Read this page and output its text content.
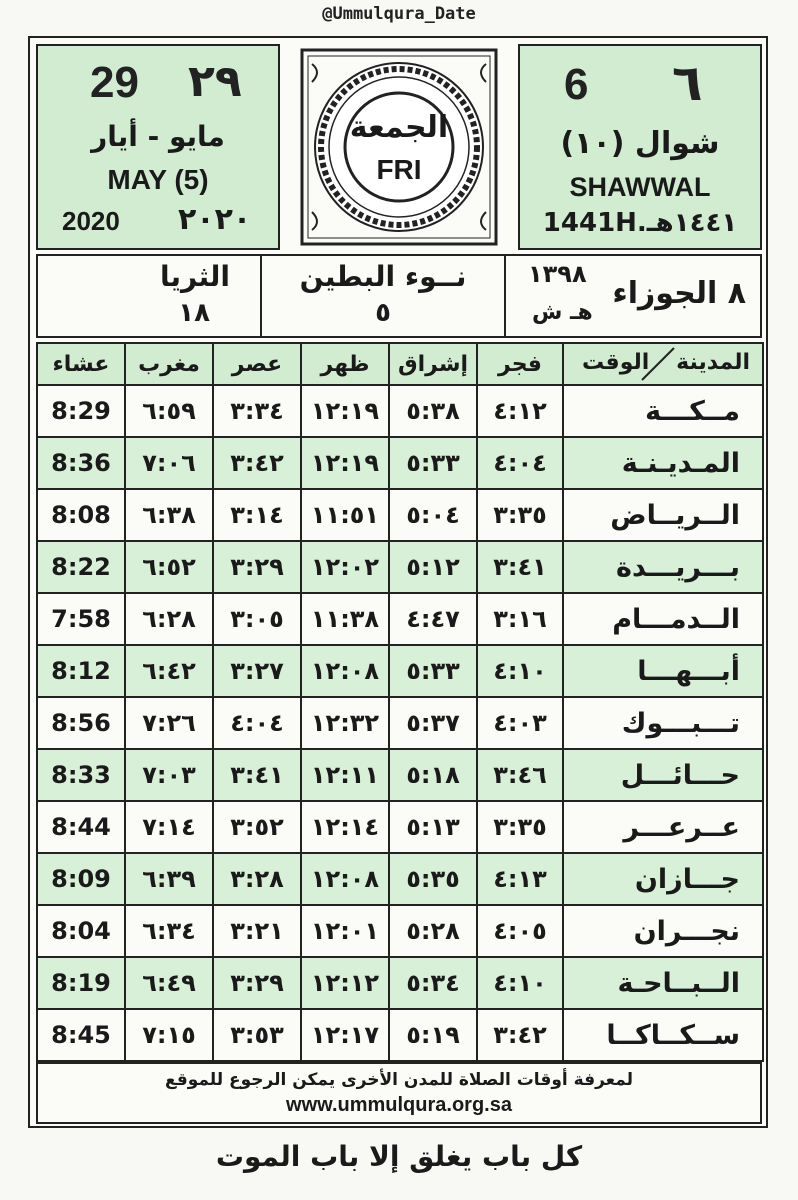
@Ummulqura_Date
29 ٢٩
مايو - أيار
MAY (5)
2020 ٢٠٢٠
الجمعة
FRI
6 ٦
شوال (١٠)
SHAWWAL
1441H.١٤٤١هـ
الثريا
١٨
نــوء البطين
٥
١٣٩٨
هـ ش
٨ الجوزاء
المدينة
الوقت	فجر	إشراق	ظهر	عصر	مغرب	عشاء
مــكـــة	٤:١٢	٥:٣٨	١٢:١٩	٣:٣٤	٦:٥٩	8:29
المـديـنـة	٤:٠٤	٥:٣٣	١٢:١٩	٣:٤٢	٧:٠٦	8:36
الــريــاض	٣:٣٥	٥:٠٤	١١:٥١	٣:١٤	٦:٣٨	8:08
بـــريـــدة	٣:٤١	٥:١٢	١٢:٠٢	٣:٢٩	٦:٥٢	8:22
الــدمـــام	٣:١٦	٤:٤٧	١١:٣٨	٣:٠٥	٦:٢٨	7:58
أبـــهـــا	٤:١٠	٥:٣٣	١٢:٠٨	٣:٢٧	٦:٤٢	8:12
تـــبـــوك	٤:٠٣	٥:٣٧	١٢:٣٢	٤:٠٤	٧:٢٦	8:56
حـــائـــل	٣:٤٦	٥:١٨	١٢:١١	٣:٤١	٧:٠٣	8:33
عــرعـــر	٣:٣٥	٥:١٣	١٢:١٤	٣:٥٢	٧:١٤	8:44
جـــازان	٤:١٣	٥:٣٥	١٢:٠٨	٣:٢٨	٦:٣٩	8:09
نجـــران	٤:٠٥	٥:٢٨	١٢:٠١	٣:٢١	٦:٣٤	8:04
الــبــاحـة	٤:١٠	٥:٣٤	١٢:١٢	٣:٢٩	٦:٤٩	8:19
ســكــاكــا	٣:٤٢	٥:١٩	١٢:١٧	٣:٥٣	٧:١٥	8:45
لمعرفة أوقات الصلاة للمدن الأخرى يمكن الرجوع للموقع
www.ummulqura.org.sa
كل باب يغلق إلا باب الموت
